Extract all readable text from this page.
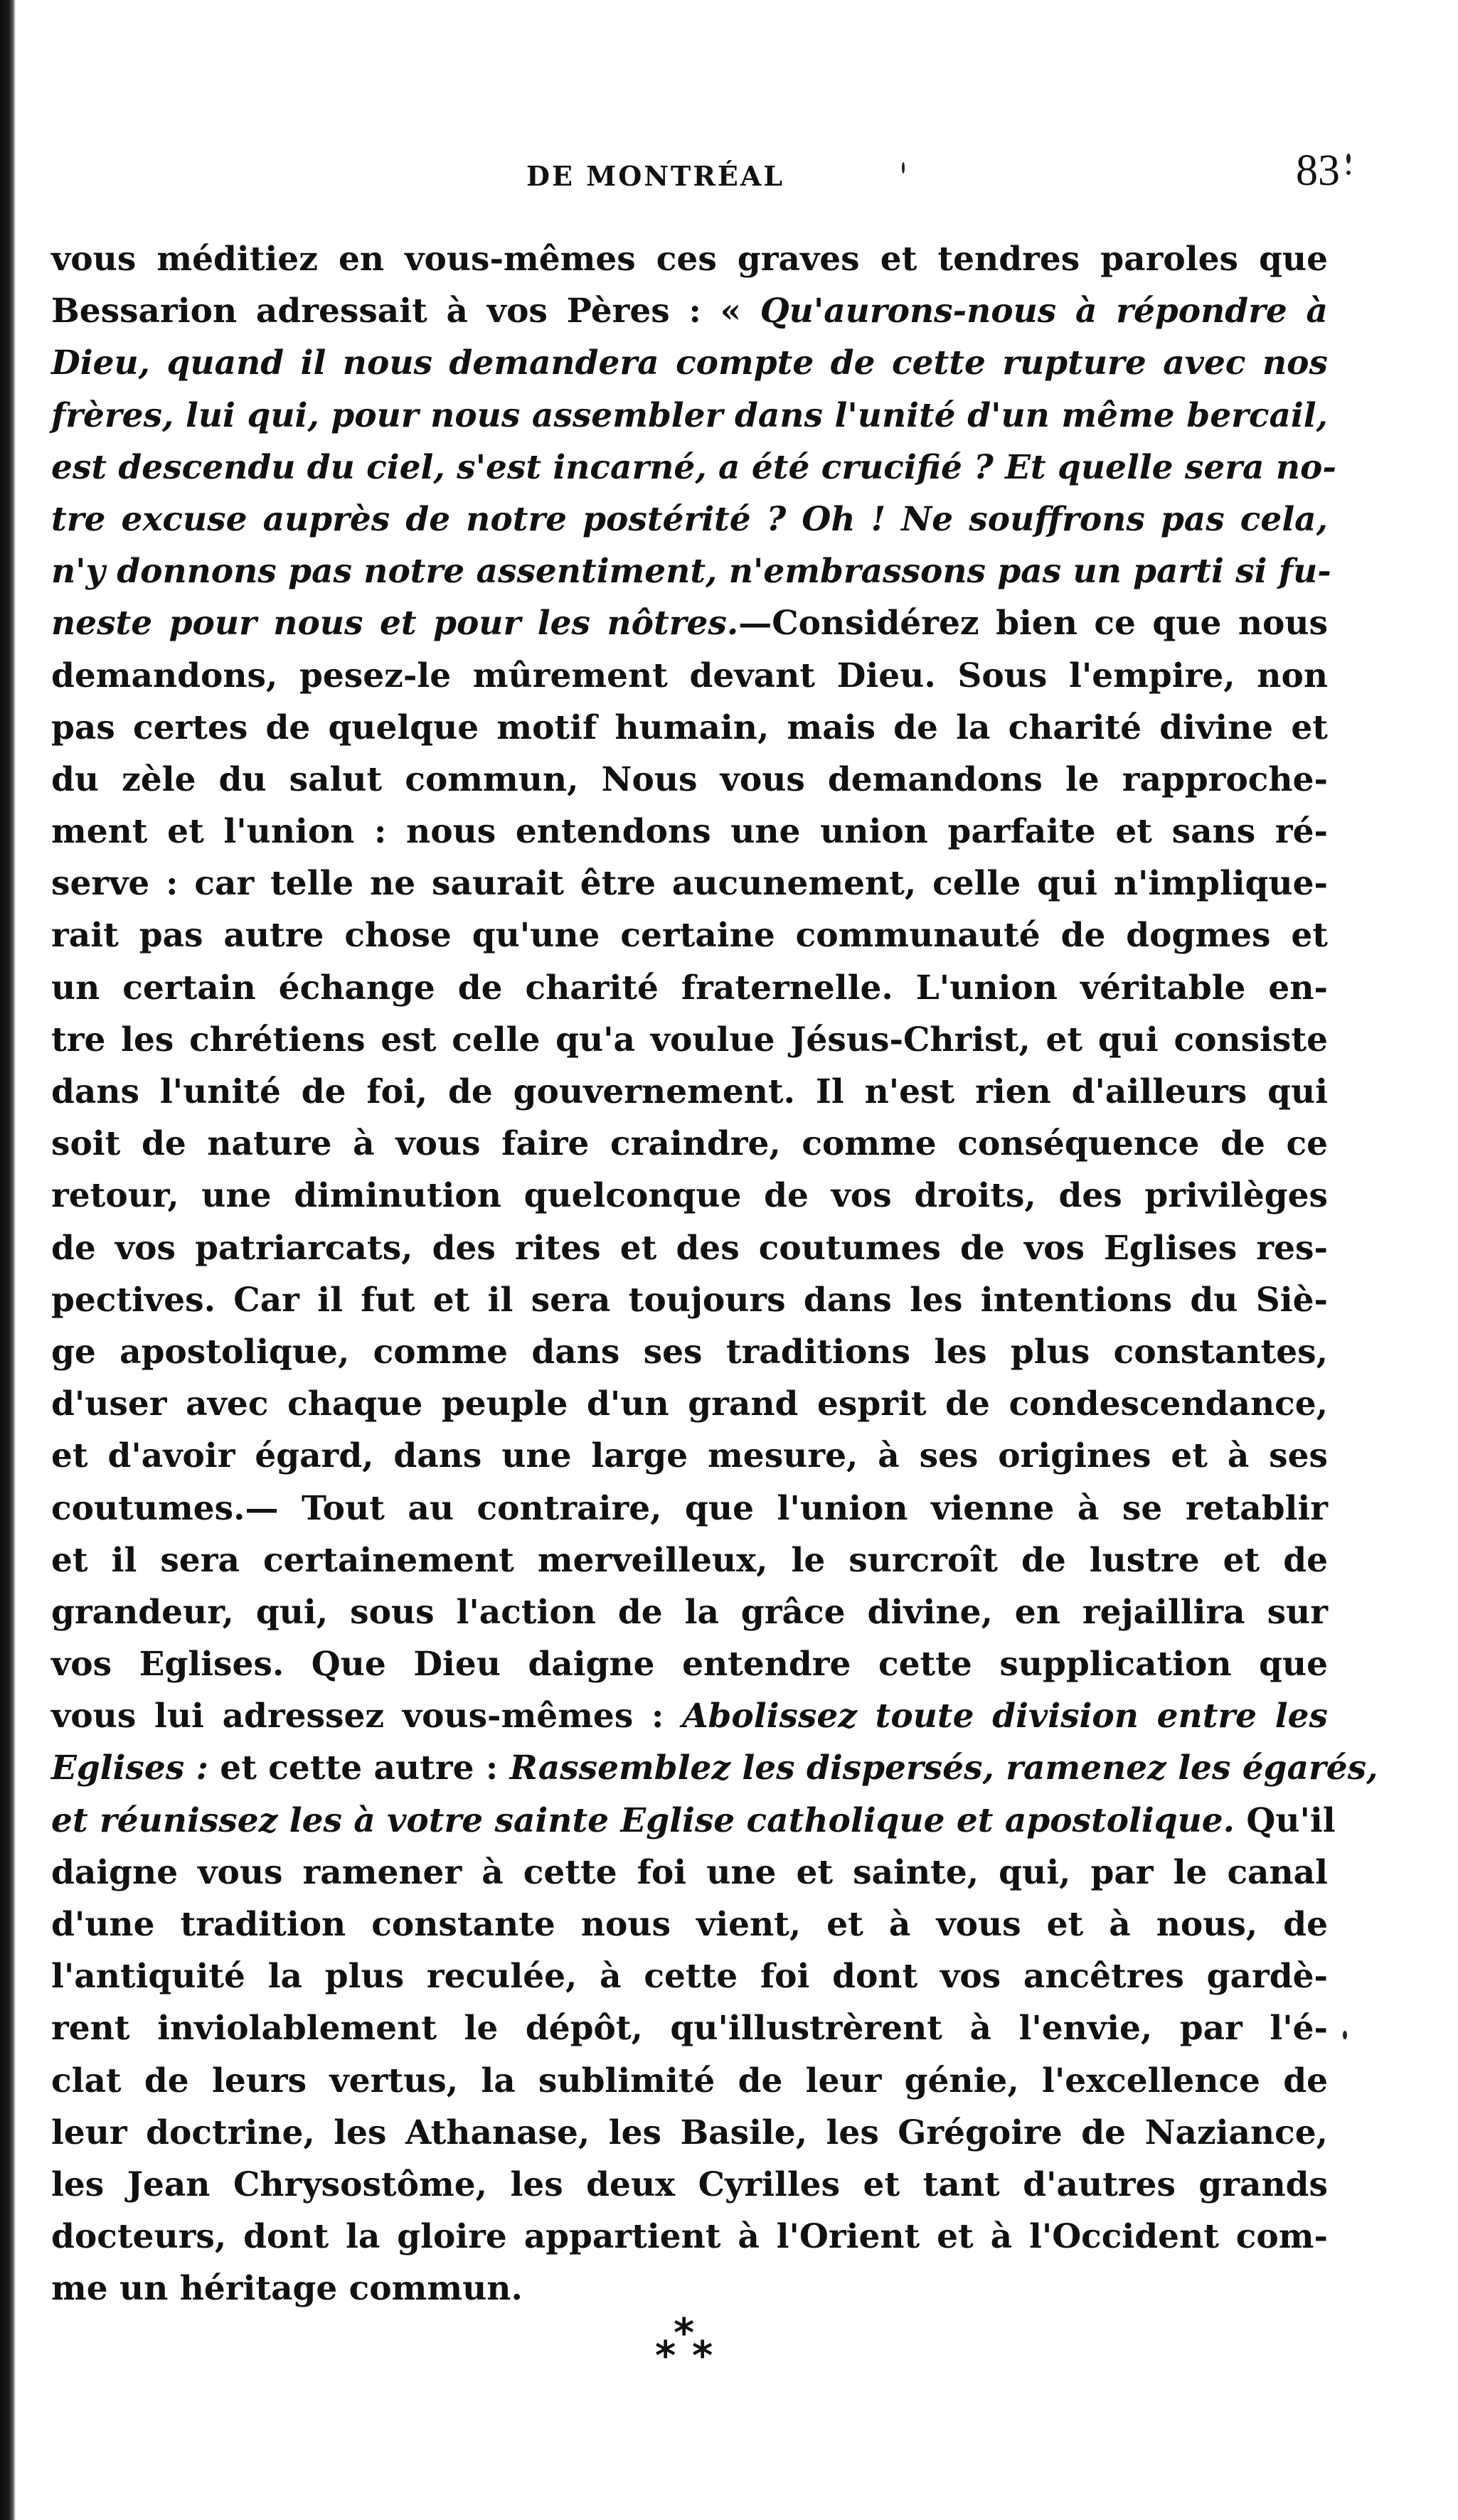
DE MONTRÉAL	83
vous méditiez en vous-mêmes ces graves et tendres paroles que
Bessarion adressait à vos Pères : « Qu'aurons-nous à répondre à
Dieu, quand il nous demandera compte de cette rupture avec nos
frères, lui qui, pour nous assembler dans l'unité d'un même bercail,
est descendu du ciel, s'est incarné, a été crucifié ? Et quelle sera no-
tre excuse auprès de notre postérité ? Oh ! Ne souffrons pas cela,
n'y donnons pas notre assentiment, n'embrassons pas un parti si fu-
neste pour nous et pour les nôtres.—Considérez bien ce que nous
demandons, pesez-le mûrement devant Dieu. Sous l'empire, non
pas certes de quelque motif humain, mais de la charité divine et
du zèle du salut commun, Nous vous demandons le rapproche-
ment et l'union : nous entendons une union parfaite et sans ré-
serve : car telle ne saurait être aucunement, celle qui n'implique-
rait pas autre chose qu'une certaine communauté de dogmes et
un certain échange de charité fraternelle. L'union véritable en-
tre les chrétiens est celle qu'a voulue Jésus-Christ, et qui consiste
dans l'unité de foi, de gouvernement. Il n'est rien d'ailleurs qui
soit de nature à vous faire craindre, comme conséquence de ce
retour, une diminution quelconque de vos droits, des privilèges
de vos patriarcats, des rites et des coutumes de vos Eglises res-
pectives. Car il fut et il sera toujours dans les intentions du Siè-
ge apostolique, comme dans ses traditions les plus constantes,
d'user avec chaque peuple d'un grand esprit de condescendance,
et d'avoir égard, dans une large mesure, à ses origines et à ses
coutumes.— Tout au contraire, que l'union vienne à se retablir
et il sera certainement merveilleux, le surcroît de lustre et de
grandeur, qui, sous l'action de la grâce divine, en rejaillira sur
vos Eglises. Que Dieu daigne entendre cette supplication que
vous lui adressez vous-mêmes : Abolissez toute division entre les
Eglises : et cette autre : Rassemblez les dispersés, ramenez les égarés,
et réunissez les à votre sainte Eglise catholique et apostolique. Qu'il
daigne vous ramener à cette foi une et sainte, qui, par le canal
d'une tradition constante nous vient, et à vous et à nous, de
l'antiquité la plus reculée, à cette foi dont vos ancêtres gardè-
rent inviolablement le dépôt, qu'illustrèrent à l'envie, par l'é-
clat de leurs vertus, la sublimité de leur génie, l'excellence de
leur doctrine, les Athanase, les Basile, les Grégoire de Naziance,
les Jean Chrysostôme, les deux Cyrilles et tant d'autres grands
docteurs, dont la gloire appartient à l'Orient et à l'Occident com-
me un héritage commun.
*
* *
